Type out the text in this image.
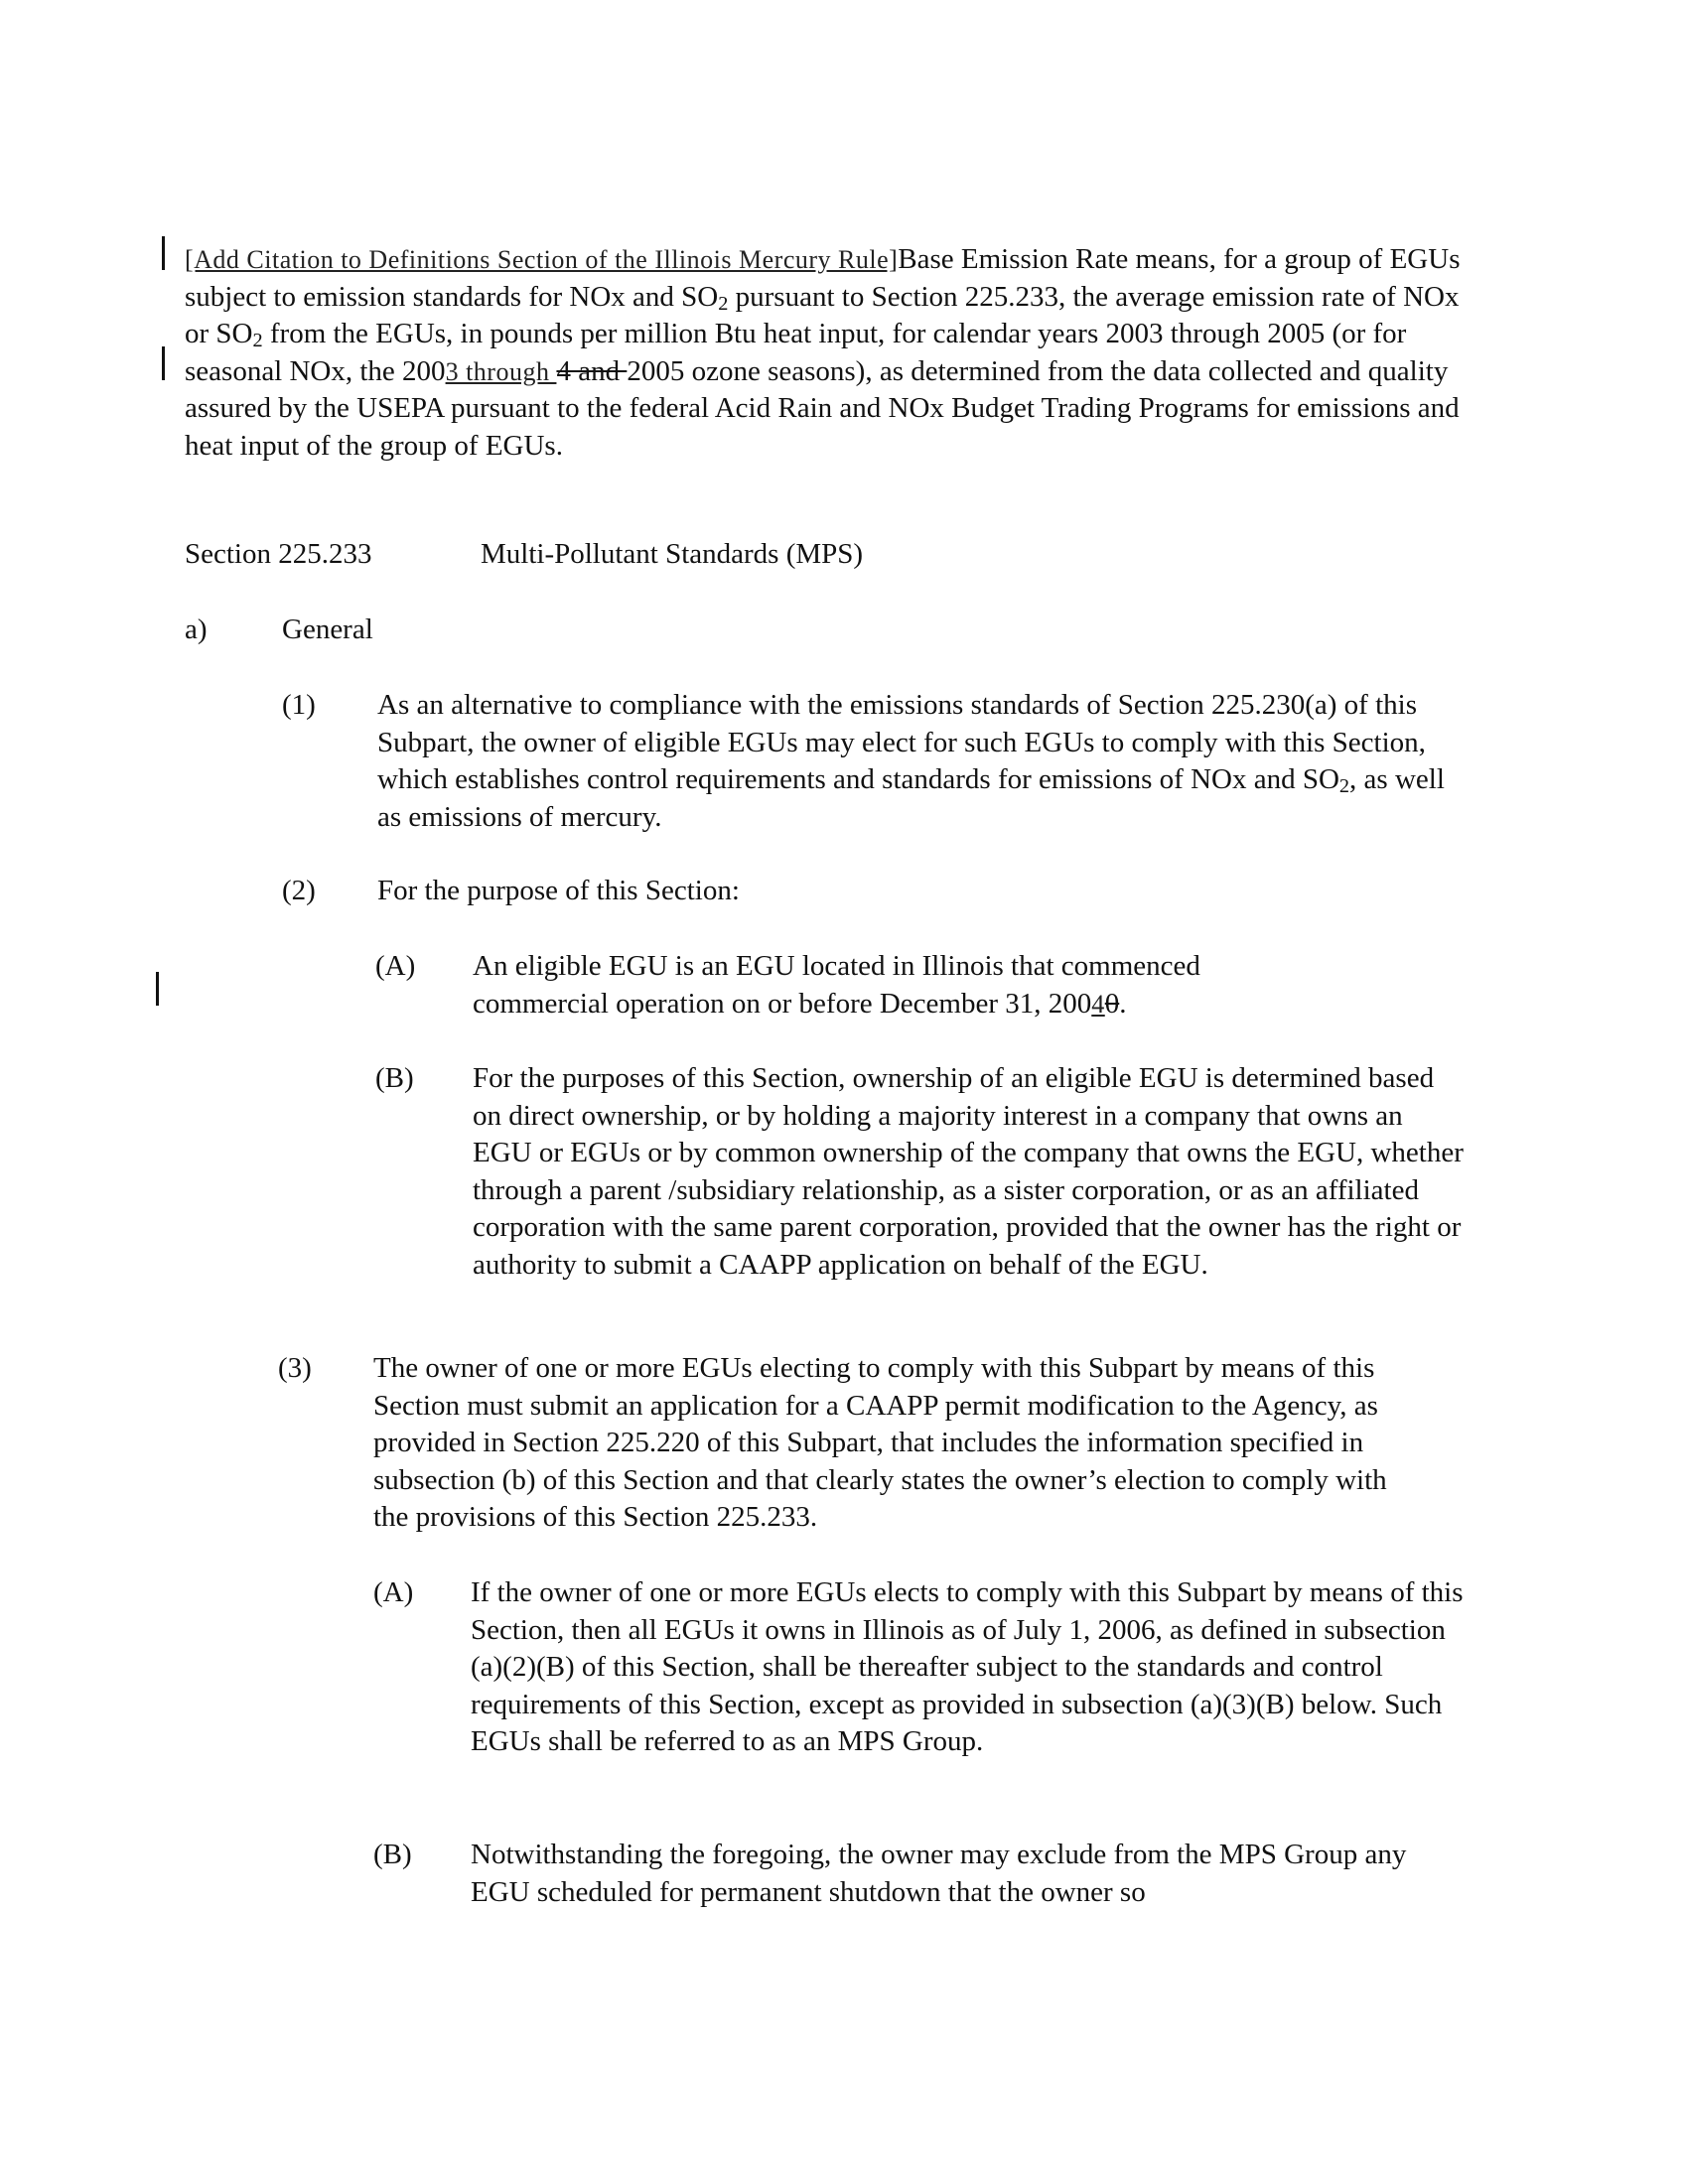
[Add Citation to Definitions Section of the Illinois Mercury Rule]Base Emission Rate means, for a group of EGUs subject to emission standards for NOx and $SO_2$ pursuant to Section 225.233, the average emission rate of NOx or $SO_2$ from the EGUs, in pounds per million Btu heat input, for calendar years 2003 through 2005 (or for seasonal NOx, the 2003 through 4 and 2005 ozone seasons), as determined from the data collected and quality assured by the USEPA pursuant to the federal Acid Rain and NOx Budget Trading Programs for emissions and heat input of the group of EGUs.

Section 225.233	Multi-Pollutant Standards (MPS)
a)	General
(1) As an alternative to compliance with the emissions standards of Section 225.230(a) of this Subpart, the owner of eligible EGUs may elect for such EGUs to comply with this Section, which establishes control requirements and standards for emissions of NOx and $SO_2$, as well as emissions of mercury.

(2) For the purpose of this Section:

(A) An eligible EGU is an EGU located in Illinois that commenced commercial operation on or before December 31, 20040.

(B) For the purposes of this Section, ownership of an eligible EGU is determined based on direct ownership, or by holding a majority interest in a company that owns an EGU or EGUs or by common ownership of the company that owns the EGU, whether through a parent /subsidiary relationship, as a sister corporation, or as an affiliated corporation with the same parent corporation, provided that the owner has the right or authority to submit a CAAPP application on behalf of the EGU.

(3) The owner of one or more EGUs electing to comply with this Subpart by means of this Section must submit an application for a CAAPP permit modification to the Agency, as provided in Section 225.220 of this Subpart, that includes the information specified in subsection (b) of this Section and that clearly states the owner’s election to comply with the provisions of this Section 225.233.

(A) If the owner of one or more EGUs elects to comply with this Subpart by means of this Section, then all EGUs it owns in Illinois as of July 1, 2006, as defined in subsection (a)(2)(B) of this Section, shall be thereafter subject to the standards and control requirements of this Section, except as provided in subsection (a)(3)(B) below. Such EGUs shall be referred to as an MPS Group.

(B) Notwithstanding the foregoing, the owner may exclude from the MPS Group any EGU scheduled for permanent shutdown that the owner so
